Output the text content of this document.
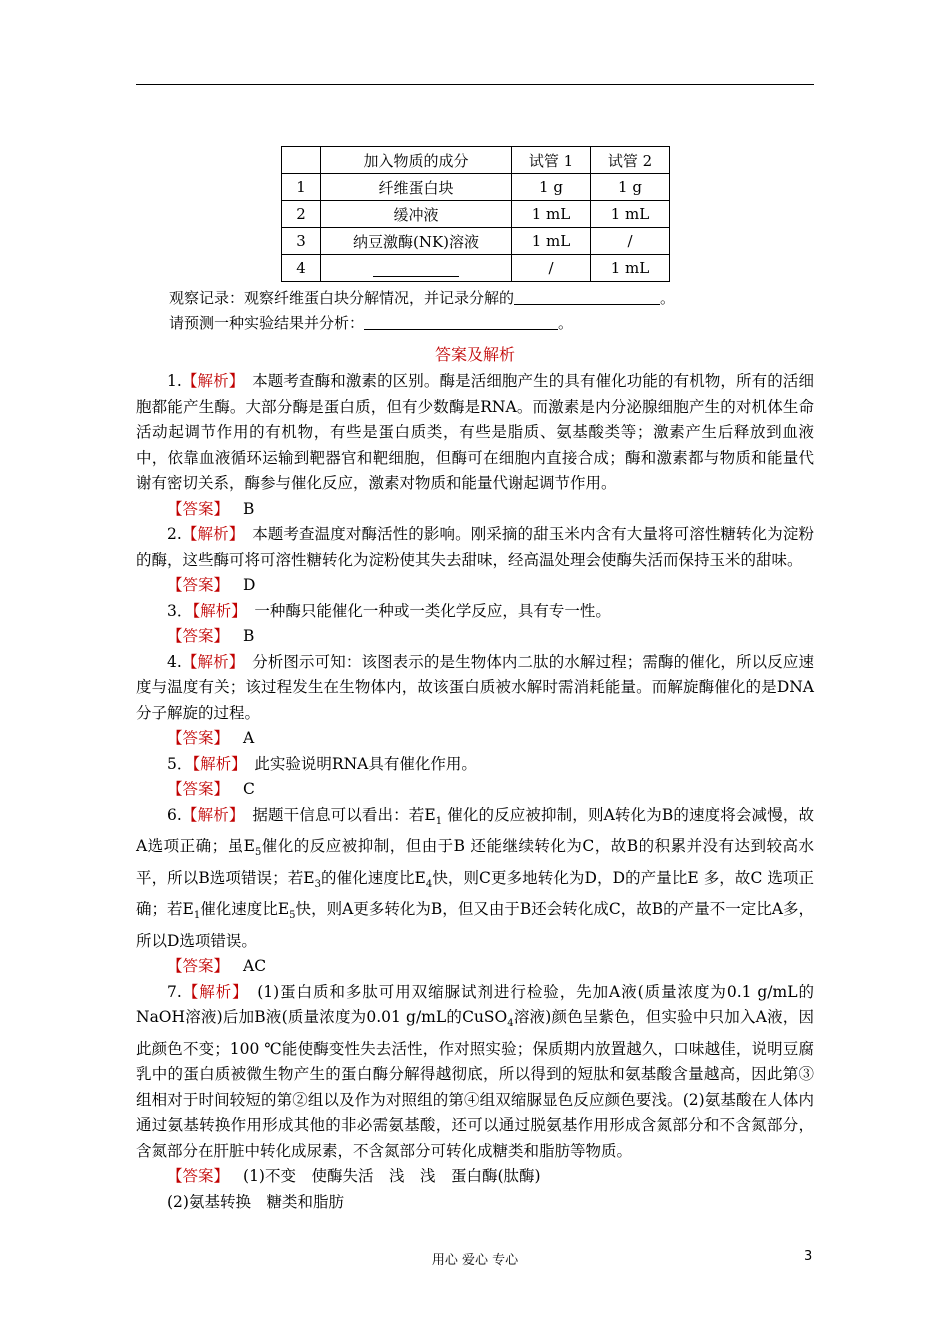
	加入物质的成分	试管 1	试管 2
1	纤维蛋白块	1 g	1 g
2	缓冲液	1 mL	1 mL
3	纳豆激酶(NK)溶液	1 mL	/
4		/	1 mL
观察记录：观察纤维蛋白块分解情况，并记录分解的	。
请预测一种实验结果并分析：	。
答案及解析

1.【解析】　 本题考查酶和激素的区别。酶是活细胞产生的具有催化功能的有机物，所有的活细胞都能产生酶。大部分酶是蛋白质，但有少数酶是RNA。而激素是内分泌腺细胞产生的对机体生命活动起调节作用的有机物，有些是蛋白质类，有些是脂质、氨基酸类等；激素产生后释放到血液中，依靠血液循环运输到靶器官和靶细胞，但酶可在细胞内直接合成；酶和激素都与物质和能量代谢有密切关系，酶参与催化反应，激素对物质和能量代谢起调节作用。

【答案】 B

2.【解析】　 本题考查温度对酶活性的影响。刚采摘的甜玉米内含有大量将可溶性糖转化为淀粉的酶，这些酶可将可溶性糖转化为淀粉使其失去甜味，经高温处理会使酶失活而保持玉米的甜味。

【答案】 D

3．【解析】　 一种酶只能催化一种或一类化学反应，具有专一性。

【答案】 B

4.【解析】　 分析图示可知：该图表示的是生物体内二肽的水解过程；需酶的催化，所以反应速度与温度有关；该过程发生在生物体内，故该蛋白质被水解时需消耗能量。而解旋酶催化的是DNA分子解旋的过程。

【答案】 A

5．【解析】　 此实验说明RNA具有催化作用。

【答案】 C

6.【解析】　 据题干信息可以看出：若$E_1$ 催化的反应被抑制，则A转化为B的速度将会减慢，故A选项正确；虽$E_5$催化的反应被抑制，但由于B 还能继续转化为C，故B的积累并没有达到较高水平，所以B选项错误；若$E_3$的催化速度比$E_4$快，则C更多地转化为D，D的产量比E 多，故C 选项正确；若$E_1$催化速度比$E_5$快，则A更多转化为B，但又由于B还会转化成C，故B的产量不一定比A多，所以D选项错误。

【答案】 AC

7.【解析】　 (1)蛋白质和多肽可用双缩脲试剂进行检验，先加A液(质量浓度为0.1 g/mL的NaOH溶液)后加B液(质量浓度为0.01 g/mL的CuSO$_4$溶液)颜色呈紫色，但实验中只加入A液，因此颜色不变；100 ℃能使酶变性失去活性，作对照实验；保质期内放置越久，口味越佳，说明豆腐乳中的蛋白质被微生物产生的蛋白酶分解得越彻底，所以得到的短肽和氨基酸含量越高，因此第③组相对于时间较短的第②组以及作为对照组的第④组双缩脲显色反应颜色要浅。(2)氨基酸在人体内通过氨基转换作用形成其他的非必需氨基酸，还可以通过脱氨基作用形成含氮部分和不含氮部分，含氮部分在肝脏中转化成尿素，不含氮部分可转化成糖类和脂肪等物质。

【答案】 (1)不变　使酶失活　浅　浅　蛋白酶(肽酶)

(2)氨基转换　糖类和脂肪

用心 爱心 专心	3
